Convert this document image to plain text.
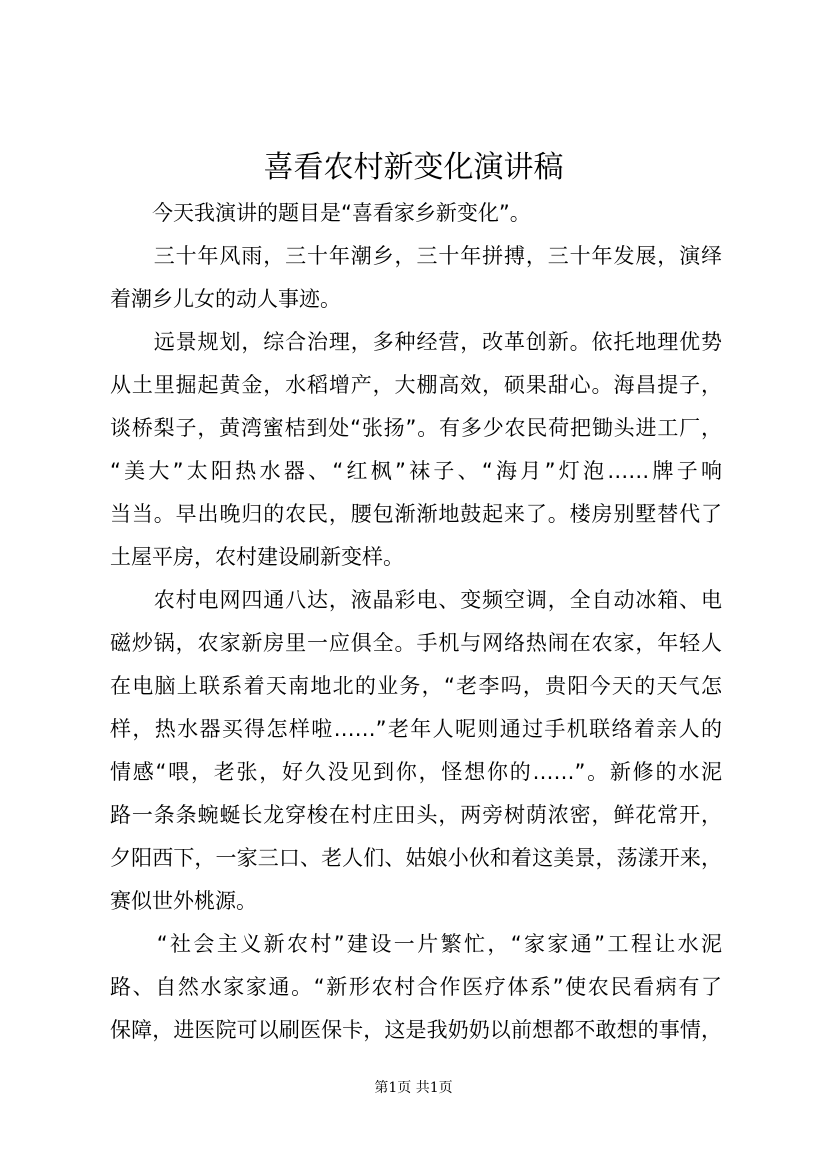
喜看农村新变化演讲稿
　　今天我演讲的题目是“喜看家乡新变化”。
　　三十年风雨，三十年潮乡，三十年拼搏，三十年发展，演绎
着潮乡儿女的动人事迹。
　　远景规划，综合治理，多种经营，改革创新。依托地理优势
从土里掘起黄金，水稻增产，大棚高效，硕果甜心。海昌提子，
谈桥梨子，黄湾蜜桔到处“张扬”。有多少农民荷把锄头进工厂，
“美大”太阳热水器、“红枫”袜子、“海月”灯泡……牌子响
当当。早出晚归的农民，腰包渐渐地鼓起来了。楼房别墅替代了
土屋平房，农村建设刷新变样。
　　农村电网四通八达，液晶彩电、变频空调，全自动冰箱、电
磁炒锅，农家新房里一应俱全。手机与网络热闹在农家，年轻人
在电脑上联系着天南地北的业务，“老李吗，贵阳今天的天气怎
样，热水器买得怎样啦……”老年人呢则通过手机联络着亲人的
情感“喂，老张，好久没见到你，怪想你的……”。新修的水泥
路一条条蜿蜒长龙穿梭在村庄田头，两旁树荫浓密，鲜花常开，
夕阳西下，一家三口、老人们、姑娘小伙和着这美景，荡漾开来，
赛似世外桃源。
　　“社会主义新农村”建设一片繁忙，“家家通”工程让水泥
路、自然水家家通。“新形农村合作医疗体系”使农民看病有了
保障，进医院可以刷医保卡，这是我奶奶以前想都不敢想的事情，
第1页 共1页
